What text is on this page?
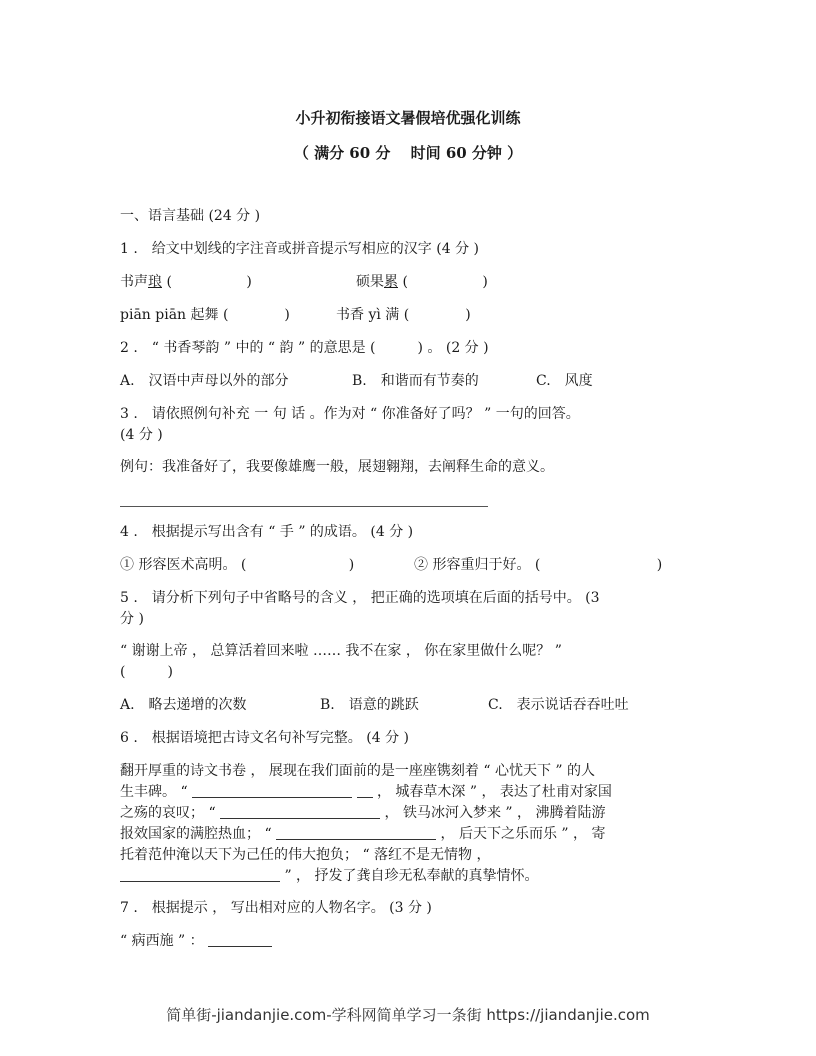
小升初衔接语文暑假培优强化训练
（ 满分 60 分　 时间 60 分钟 ）
一、语言基础 (24 分 )
1 .　给文中划线的字注音或拼音提示写相应的汉字 (4 分 )
书声琅 (　　　　　 )	硕果累 (　　　　　 )
piān piān 起舞 (　　　　)	书香 yì 满 (　　　　)
2 .　“ 书香琴韵 ” 中的 “ 韵 ” 的意思是 (　　　) 。 (2 分 )
A.　汉语中声母以外的部分	B.　和谐而有节奏的	C.　风度
3 .　请依照例句补充 一 句 话 。作为对 “ 你准备好了吗？ ” 一句的回答。
(4 分 )
例句：我准备好了，我要像雄鹰一般，展翅翱翔，去阐释生命的意义。
4 .　根据提示写出含有 “ 手 ” 的成语。 (4 分 )
① 形容医术高明。 (　　　　　　　 )	② 形容重归于好。 (　　　　　　　　 )
5 .　请分析下列句子中省略号的含义 ， 把正确的选项填在后面的括号中。 (3
分 )
“ 谢谢上帝 ， 总算活着回来啦 …… 我不在家 ， 你在家里做什么呢？ ”
(　　　)
A.　略去递增的次数	B.　语意的跳跃	C.　表示说话吞吞吐吐
6 .　根据语境把古诗文名句补写完整。 (4 分 )
翻开厚重的诗文书卷 ， 展现在我们面前的是一座座镌刻着 “ 心忧天下 ” 的人
生丰碑。 “	， 城春草木深 ” ， 表达了杜甫对家国
之殇的哀叹； “	， 铁马冰河入梦来 ” ， 沸腾着陆游
报效国家的满腔热血； “	， 后天下之乐而乐 ” ， 寄
托着范仲淹以天下为己任的伟大抱负； “ 落红不是无情物 ，
” ， 抒发了龚自珍无私奉献的真挚情怀。
7 .　根据提示 ， 写出相对应的人物名字。 (3 分 )
“ 病西施 ” ：
简单街-jiandanjie.com-学科网简单学习一条街 https://jiandanjie.com
